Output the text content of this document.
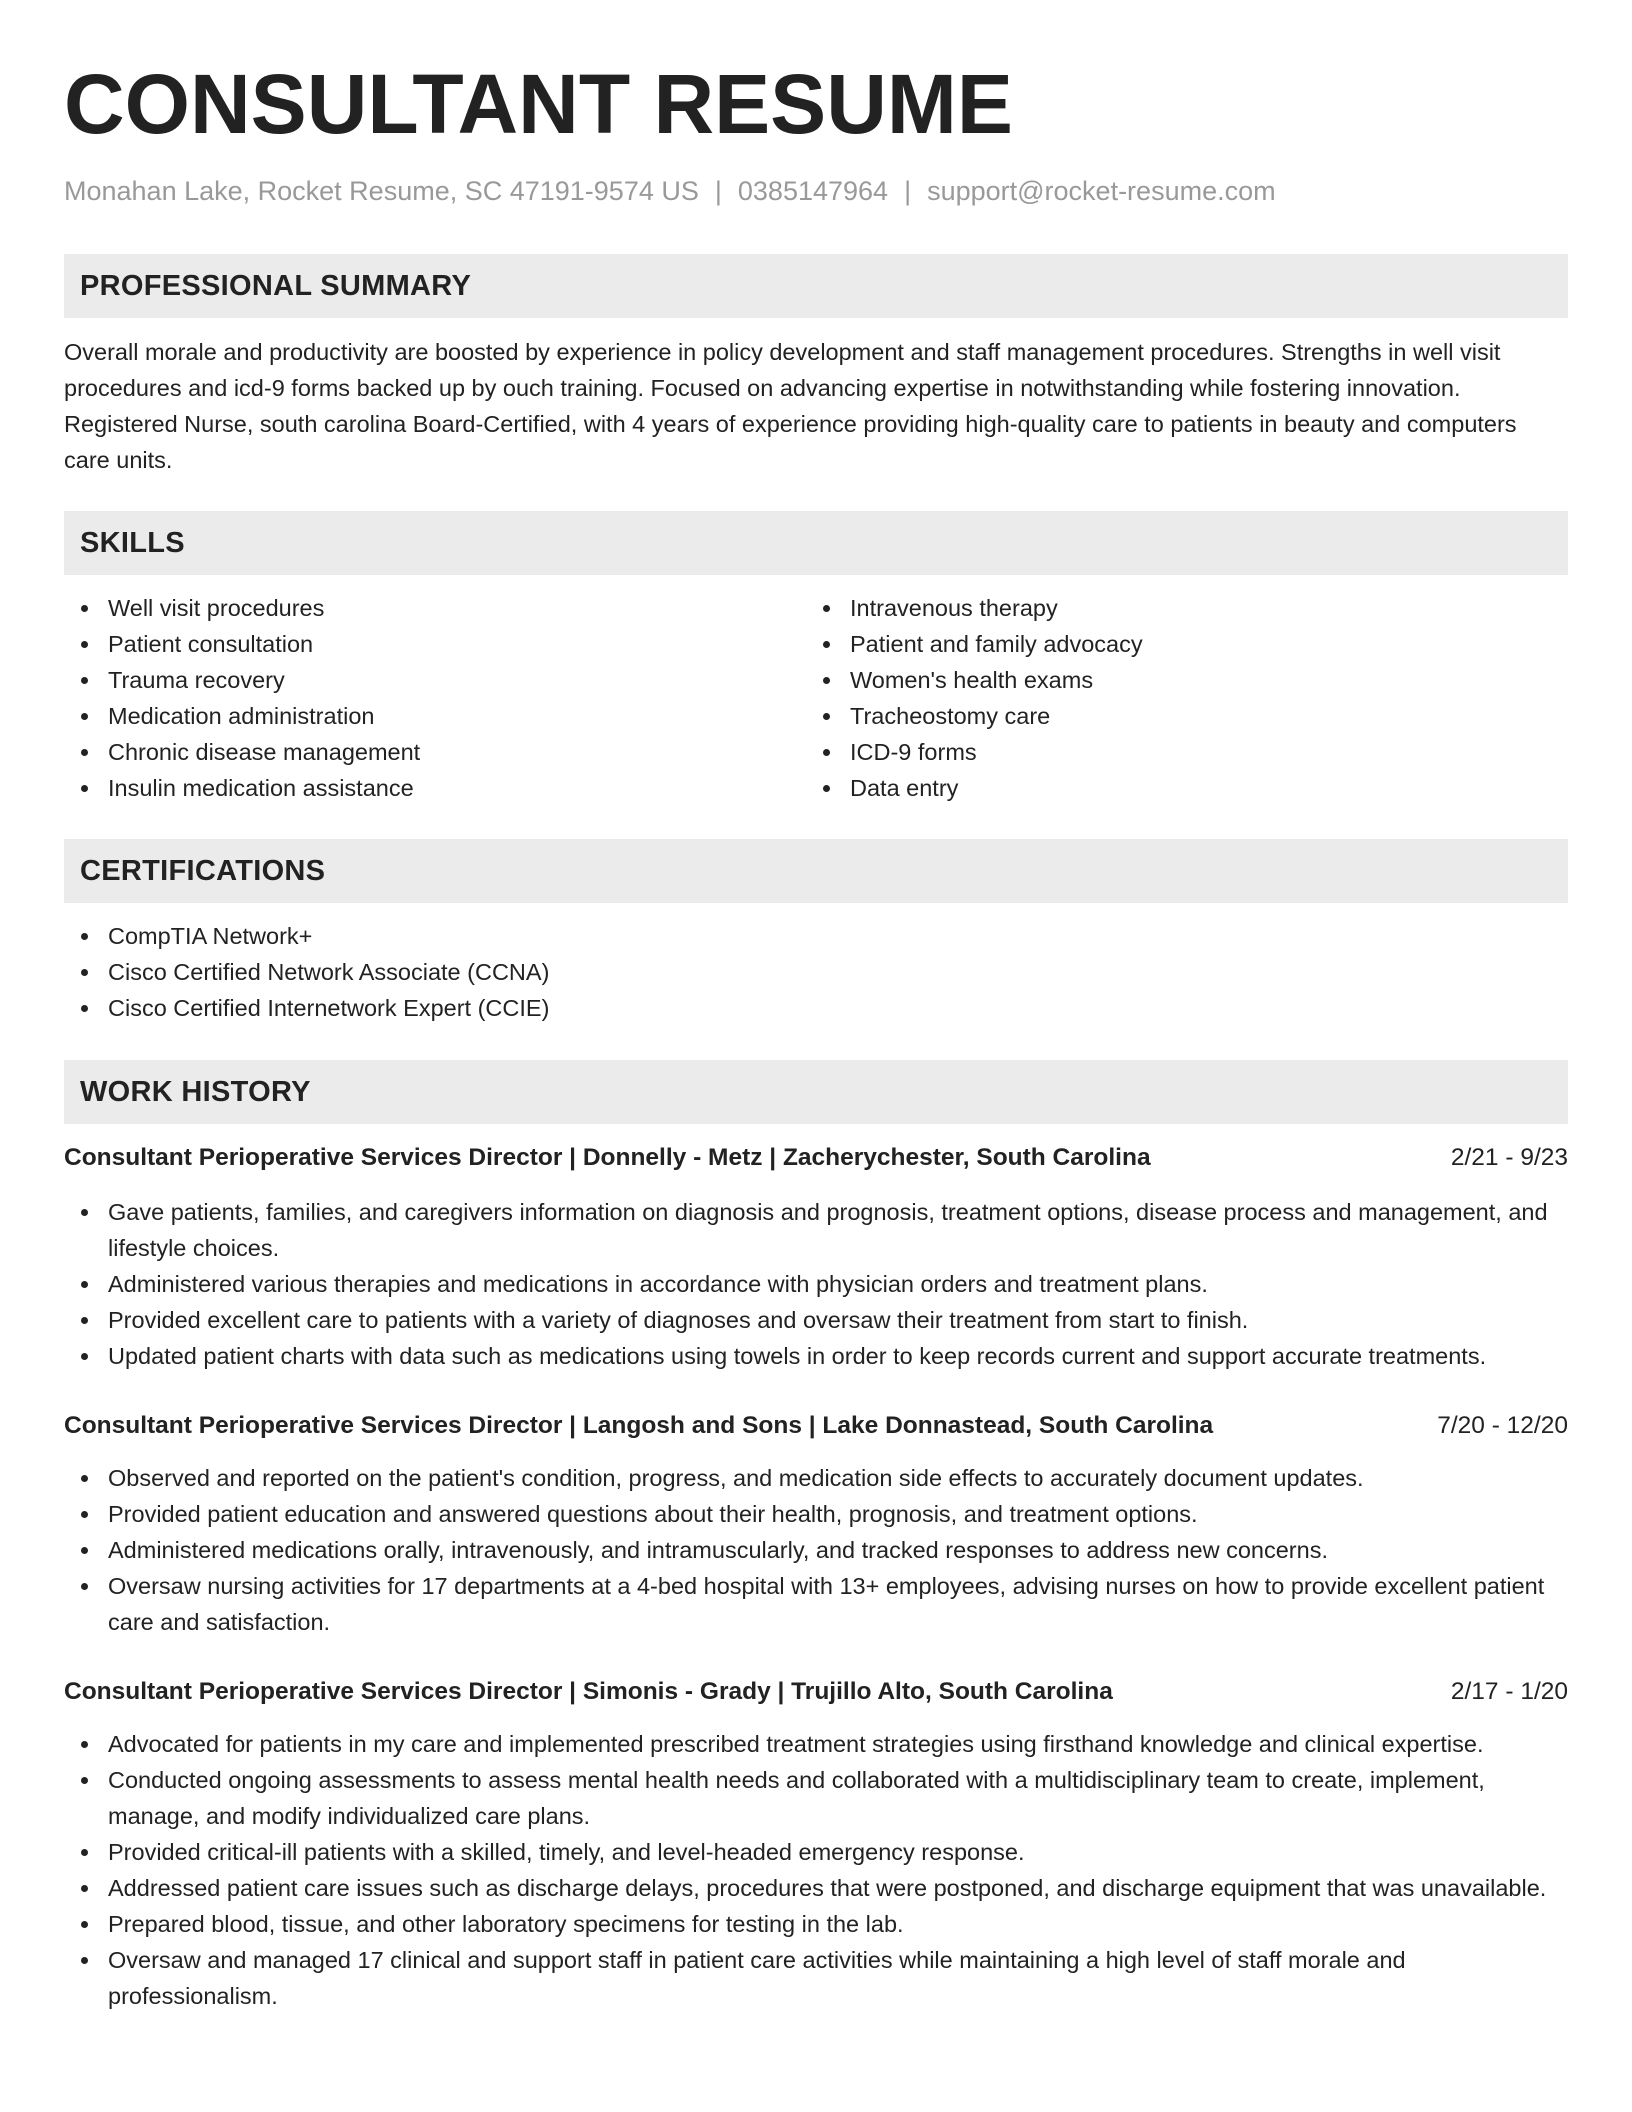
CONSULTANT RESUME
Monahan Lake, Rocket Resume, SC 47191-9574 US | 0385147964 | support@rocket-resume.com
PROFESSIONAL SUMMARY

Overall morale and productivity are boosted by experience in policy development and staff management procedures. Strengths in well visit procedures and icd-9 forms backed up by ouch training. Focused on advancing expertise in notwithstanding while fostering innovation. Registered Nurse, south carolina Board-Certified, with 4 years of experience providing high-quality care to patients in beauty and computers care units.

SKILLS
Well visit procedures
Patient consultation
Trauma recovery
Medication administration
Chronic disease management
Insulin medication assistance
Intravenous therapy
Patient and family advocacy
Women's health exams
Tracheostomy care
ICD-9 forms
Data entry
CERTIFICATIONS
CompTIA Network+
Cisco Certified Network Associate (CCNA)
Cisco Certified Internetwork Expert (CCIE)
WORK HISTORY
Consultant Perioperative Services Director | Donnelly - Metz | Zacherychester, South Carolina	2/21 - 9/23
Gave patients, families, and caregivers information on diagnosis and prognosis, treatment options, disease process and management, and lifestyle choices.
Administered various therapies and medications in accordance with physician orders and treatment plans.
Provided excellent care to patients with a variety of diagnoses and oversaw their treatment from start to finish.
Updated patient charts with data such as medications using towels in order to keep records current and support accurate treatments.
Consultant Perioperative Services Director | Langosh and Sons | Lake Donnastead, South Carolina	7/20 - 12/20
Observed and reported on the patient's condition, progress, and medication side effects to accurately document updates.
Provided patient education and answered questions about their health, prognosis, and treatment options.
Administered medications orally, intravenously, and intramuscularly, and tracked responses to address new concerns.
Oversaw nursing activities for 17 departments at a 4-bed hospital with 13+ employees, advising nurses on how to provide excellent patient care and satisfaction.
Consultant Perioperative Services Director | Simonis - Grady | Trujillo Alto, South Carolina	2/17 - 1/20
Advocated for patients in my care and implemented prescribed treatment strategies using firsthand knowledge and clinical expertise.
Conducted ongoing assessments to assess mental health needs and collaborated with a multidisciplinary team to create, implement, manage, and modify individualized care plans.
Provided critical-ill patients with a skilled, timely, and level-headed emergency response.
Addressed patient care issues such as discharge delays, procedures that were postponed, and discharge equipment that was unavailable.
Prepared blood, tissue, and other laboratory specimens for testing in the lab.
Oversaw and managed 17 clinical and support staff in patient care activities while maintaining a high level of staff morale and professionalism.
